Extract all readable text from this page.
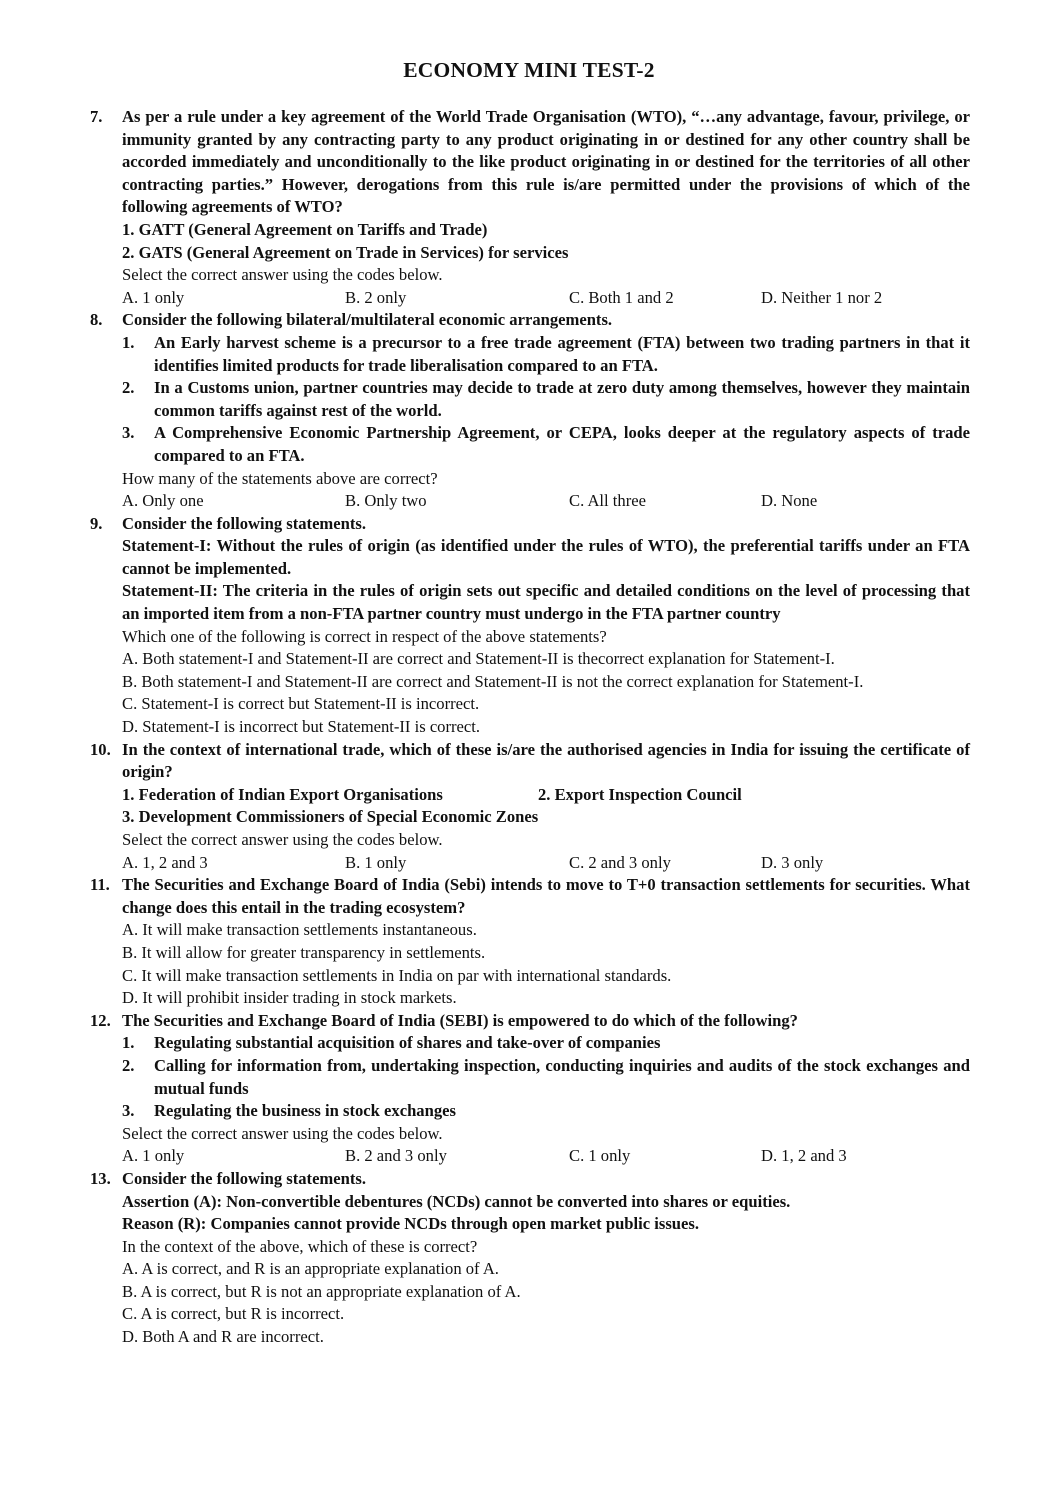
ECONOMY MINI TEST-2
7. As per a rule under a key agreement of the World Trade Organisation (WTO), “…any advantage, favour, privilege, or immunity granted by any contracting party to any product originating in or destined for any other country shall be accorded immediately and unconditionally to the like product originating in or destined for the territories of all other contracting parties.” However, derogations from this rule is/are permitted under the provisions of which of the following agreements of WTO?
1. GATT (General Agreement on Tariffs and Trade)
2. GATS (General Agreement on Trade in Services) for services
Select the correct answer using the codes below.
A. 1 only	B. 2 only	C. Both 1 and 2	D. Neither 1 nor 2
8. Consider the following bilateral/multilateral economic arrangements.
1. An Early harvest scheme is a precursor to a free trade agreement (FTA) between two trading partners in that it identifies limited products for trade liberalisation compared to an FTA.
2. In a Customs union, partner countries may decide to trade at zero duty among themselves, however they maintain common tariffs against rest of the world.
3. A Comprehensive Economic Partnership Agreement, or CEPA, looks deeper at the regulatory aspects of trade compared to an FTA.
How many of the statements above are correct?
A. Only one	B. Only two	C. All three	D. None
9. Consider the following statements.
Statement-I: Without the rules of origin (as identified under the rules of WTO), the preferential tariffs under an FTA cannot be implemented.
Statement-II: The criteria in the rules of origin sets out specific and detailed conditions on the level of processing that an imported item from a non-FTA partner country must undergo in the FTA partner country
Which one of the following is correct in respect of the above statements?
A. Both statement-I and Statement-II are correct and Statement-II is thecorrect explanation for Statement-I.
B. Both statement-I and Statement-II are correct and Statement-II is not the correct explanation for Statement-I.
C. Statement-I is correct but Statement-II is incorrect.
D. Statement-I is incorrect but Statement-II is correct.
10. In the context of international trade, which of these is/are the authorised agencies in India for issuing the certificate of origin?
1. Federation of Indian Export Organisations	2. Export Inspection Council
3. Development Commissioners of Special Economic Zones
Select the correct answer using the codes below.
A. 1, 2 and 3	B. 1 only	C. 2 and 3 only	D. 3 only
11. The Securities and Exchange Board of India (Sebi) intends to move to T+0 transaction settlements for securities. What change does this entail in the trading ecosystem?
A. It will make transaction settlements instantaneous.
B. It will allow for greater transparency in settlements.
C. It will make transaction settlements in India on par with international standards.
D. It will prohibit insider trading in stock markets.
12. The Securities and Exchange Board of India (SEBI) is empowered to do which of the following?
1. Regulating substantial acquisition of shares and take-over of companies
2. Calling for information from, undertaking inspection, conducting inquiries and audits of the stock exchanges and mutual funds
3. Regulating the business in stock exchanges
Select the correct answer using the codes below.
A. 1 only	B. 2 and 3 only	C. 1 only	D. 1, 2 and 3
13. Consider the following statements.
Assertion (A): Non-convertible debentures (NCDs) cannot be converted into shares or equities.
Reason (R): Companies cannot provide NCDs through open market public issues.
In the context of the above, which of these is correct?
A. A is correct, and R is an appropriate explanation of A.
B. A is correct, but R is not an appropriate explanation of A.
C. A is correct, but R is incorrect.
D. Both A and R are incorrect.
